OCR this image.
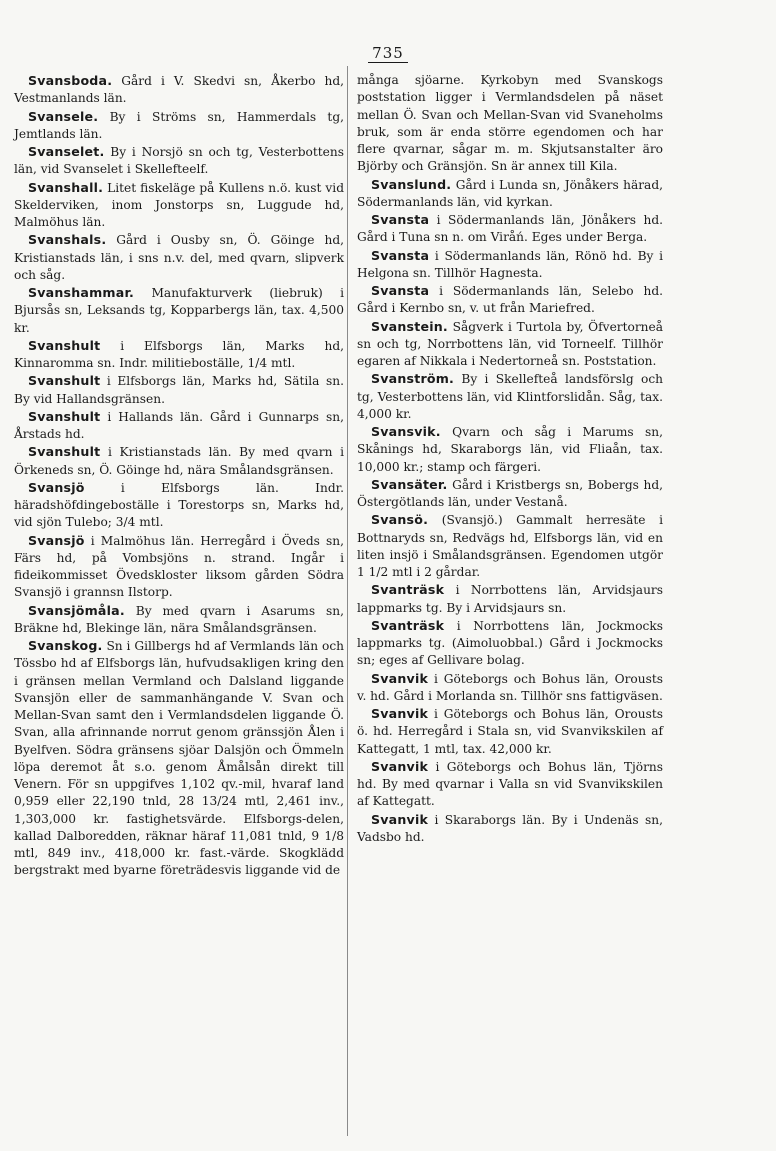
735

Svansboda. Gård i V. Skedvi sn, Åkerbo hd, Vestmanlands län.

Svansele. By i Ströms sn, Hammerdals tg, Jemtlands län.

Svanselet. By i Norsjö sn och tg, Vesterbottens län, vid Svanselet i Skellefteelf.

Svanshall. Litet fiskeläge på Kullens n.ö. kust vid Skelderviken, inom Jonstorps sn, Luggude hd, Malmöhus län.

Svanshals. Gård i Ousby sn, Ö. Göinge hd, Kristianstads län, i sns n.v. del, med qvarn, slipverk och såg.

Svanshammar. Manufakturverk (liebruk) i Bjursås sn, Leksands tg, Kopparbergs län, tax. 4,500 kr.

Svanshult i Elfsborgs län, Marks hd, Kinnaromma sn. Indr. militieboställe, 1/4 mtl.

Svanshult i Elfsborgs län, Marks hd, Sätila sn. By vid Hallandsgränsen.

Svanshult i Hallands län. Gård i Gunnarps sn, Årstads hd.

Svanshult i Kristianstads län. By med qvarn i Örkeneds sn, Ö. Göinge hd, nära Smålandsgränsen.

Svansjö	i Elfsborgs län. Indr. häradshöfdingeboställe i Torestorps sn, Marks hd, vid sjön Tulebo; 3/4 mtl.

Svansjö i Malmöhus län. Herregård i Öveds sn, Färs hd, på Vombsjöns n. strand. Ingår i fideikommisset Övedskloster liksom gården Södra Svansjö i grannsn Ilstorp.

Svansjömåla. By med qvarn i Asarums sn, Bräkne hd, Blekinge län, nära Smålandsgränsen.

Svanskog. Sn i Gillbergs hd af Vermlands län och Tössbo hd af Elfsborgs län, hufvudsakligen kring den i gränsen mellan Vermland och Dalsland liggande Svansjön eller de sammanhängande V. Svan och Mellan-Svan samt den i Vermlandsdelen liggande Ö. Svan, alla afrinnande norrut genom gränssjön Ålen i Byelfven. Södra gränsens sjöar Dalsjön och Ömmeln löpa deremot åt s.o. genom Åmålsån direkt till Venern. För sn uppgifves 1,102 qv.-mil, hvaraf land 0,959 eller 22,190 tnld, 28 13/24 mtl, 2,461 inv., 1,303,000 kr. fastighetsvärde. Elfsborgs-delen, kallad Dalboredden, räknar häraf 11,081 tnld, 9 1/8 mtl, 849 inv., 418,000 kr. fast.-värde. Skogklädd bergstrakt med byarne företrädesvis liggande vid de

många sjöarne. Kyrkobyn med Svanskogs poststation ligger i Vermlandsdelen på näset mellan Ö. Svan och Mellan-Svan vid Svaneholms bruk, som är enda större egendomen och har flere qvarnar, sågar m. m. Skjutsanstalter äro Björby och Gränsjön. Sn är annex till Kila.

Svanslund. Gård i Lunda sn, Jönåkers härad, Södermanlands län, vid kyrkan.

Svansta i Södermanlands län, Jönåkers hd. Gård i Tuna sn n. om Viråń. Eges under Berga.

Svansta i Södermanlands län, Rönö hd. By i Helgona sn. Tillhör Hagnesta.

Svansta i Södermanlands län, Selebo hd. Gård i Kernbo sn, v. ut från Mariefred.

Svanstein. Sågverk i Turtola by, Öfvertorneå sn och tg, Norrbottens län, vid Torneelf. Tillhör egaren af Nikkala i Nedertorneå sn. Poststation.

Svanström. By i Skellefteå landsförslg och tg, Vesterbottens län, vid Klintforslidån. Såg, tax. 4,000 kr.

Svansvik. Qvarn och såg i Marums sn, Skånings hd, Skaraborgs län, vid Fliaån, tax. 10,000 kr.; stamp och färgeri.

Svansäter. Gård i Kristbergs sn, Bobergs hd, Östergötlands län, under Vestanå.

Svansö. (Svansjö.) Gammalt herresäte i Bottnaryds sn, Redvägs hd, Elfsborgs län, vid en liten insjö i Smålandsgränsen. Egendomen utgör 1 1/2 mtl i 2 gårdar.

Svanträsk i Norrbottens län, Arvidsjaurs lappmarks tg. By i Arvidsjaurs sn.

Svanträsk i Norrbottens län, Jockmocks lappmarks tg. (Aimoluobbal.) Gård i Jockmocks sn; eges af Gellivare bolag.

Svanvik i Göteborgs och Bohus län, Orousts v. hd. Gård i Morlanda sn. Tillhör sns fattigväsen.

Svanvik i Göteborgs och Bohus län, Orousts ö. hd. Herregård i Stala sn, vid Svanvikskilen af Kattegatt, 1 mtl, tax. 42,000 kr.

Svanvik i Göteborgs och Bohus län, Tjörns hd. By med qvarnar i Valla sn vid Svanvikskilen af Kattegatt.

Svanvik i Skaraborgs län. By i Undenäs sn, Vadsbo hd.
